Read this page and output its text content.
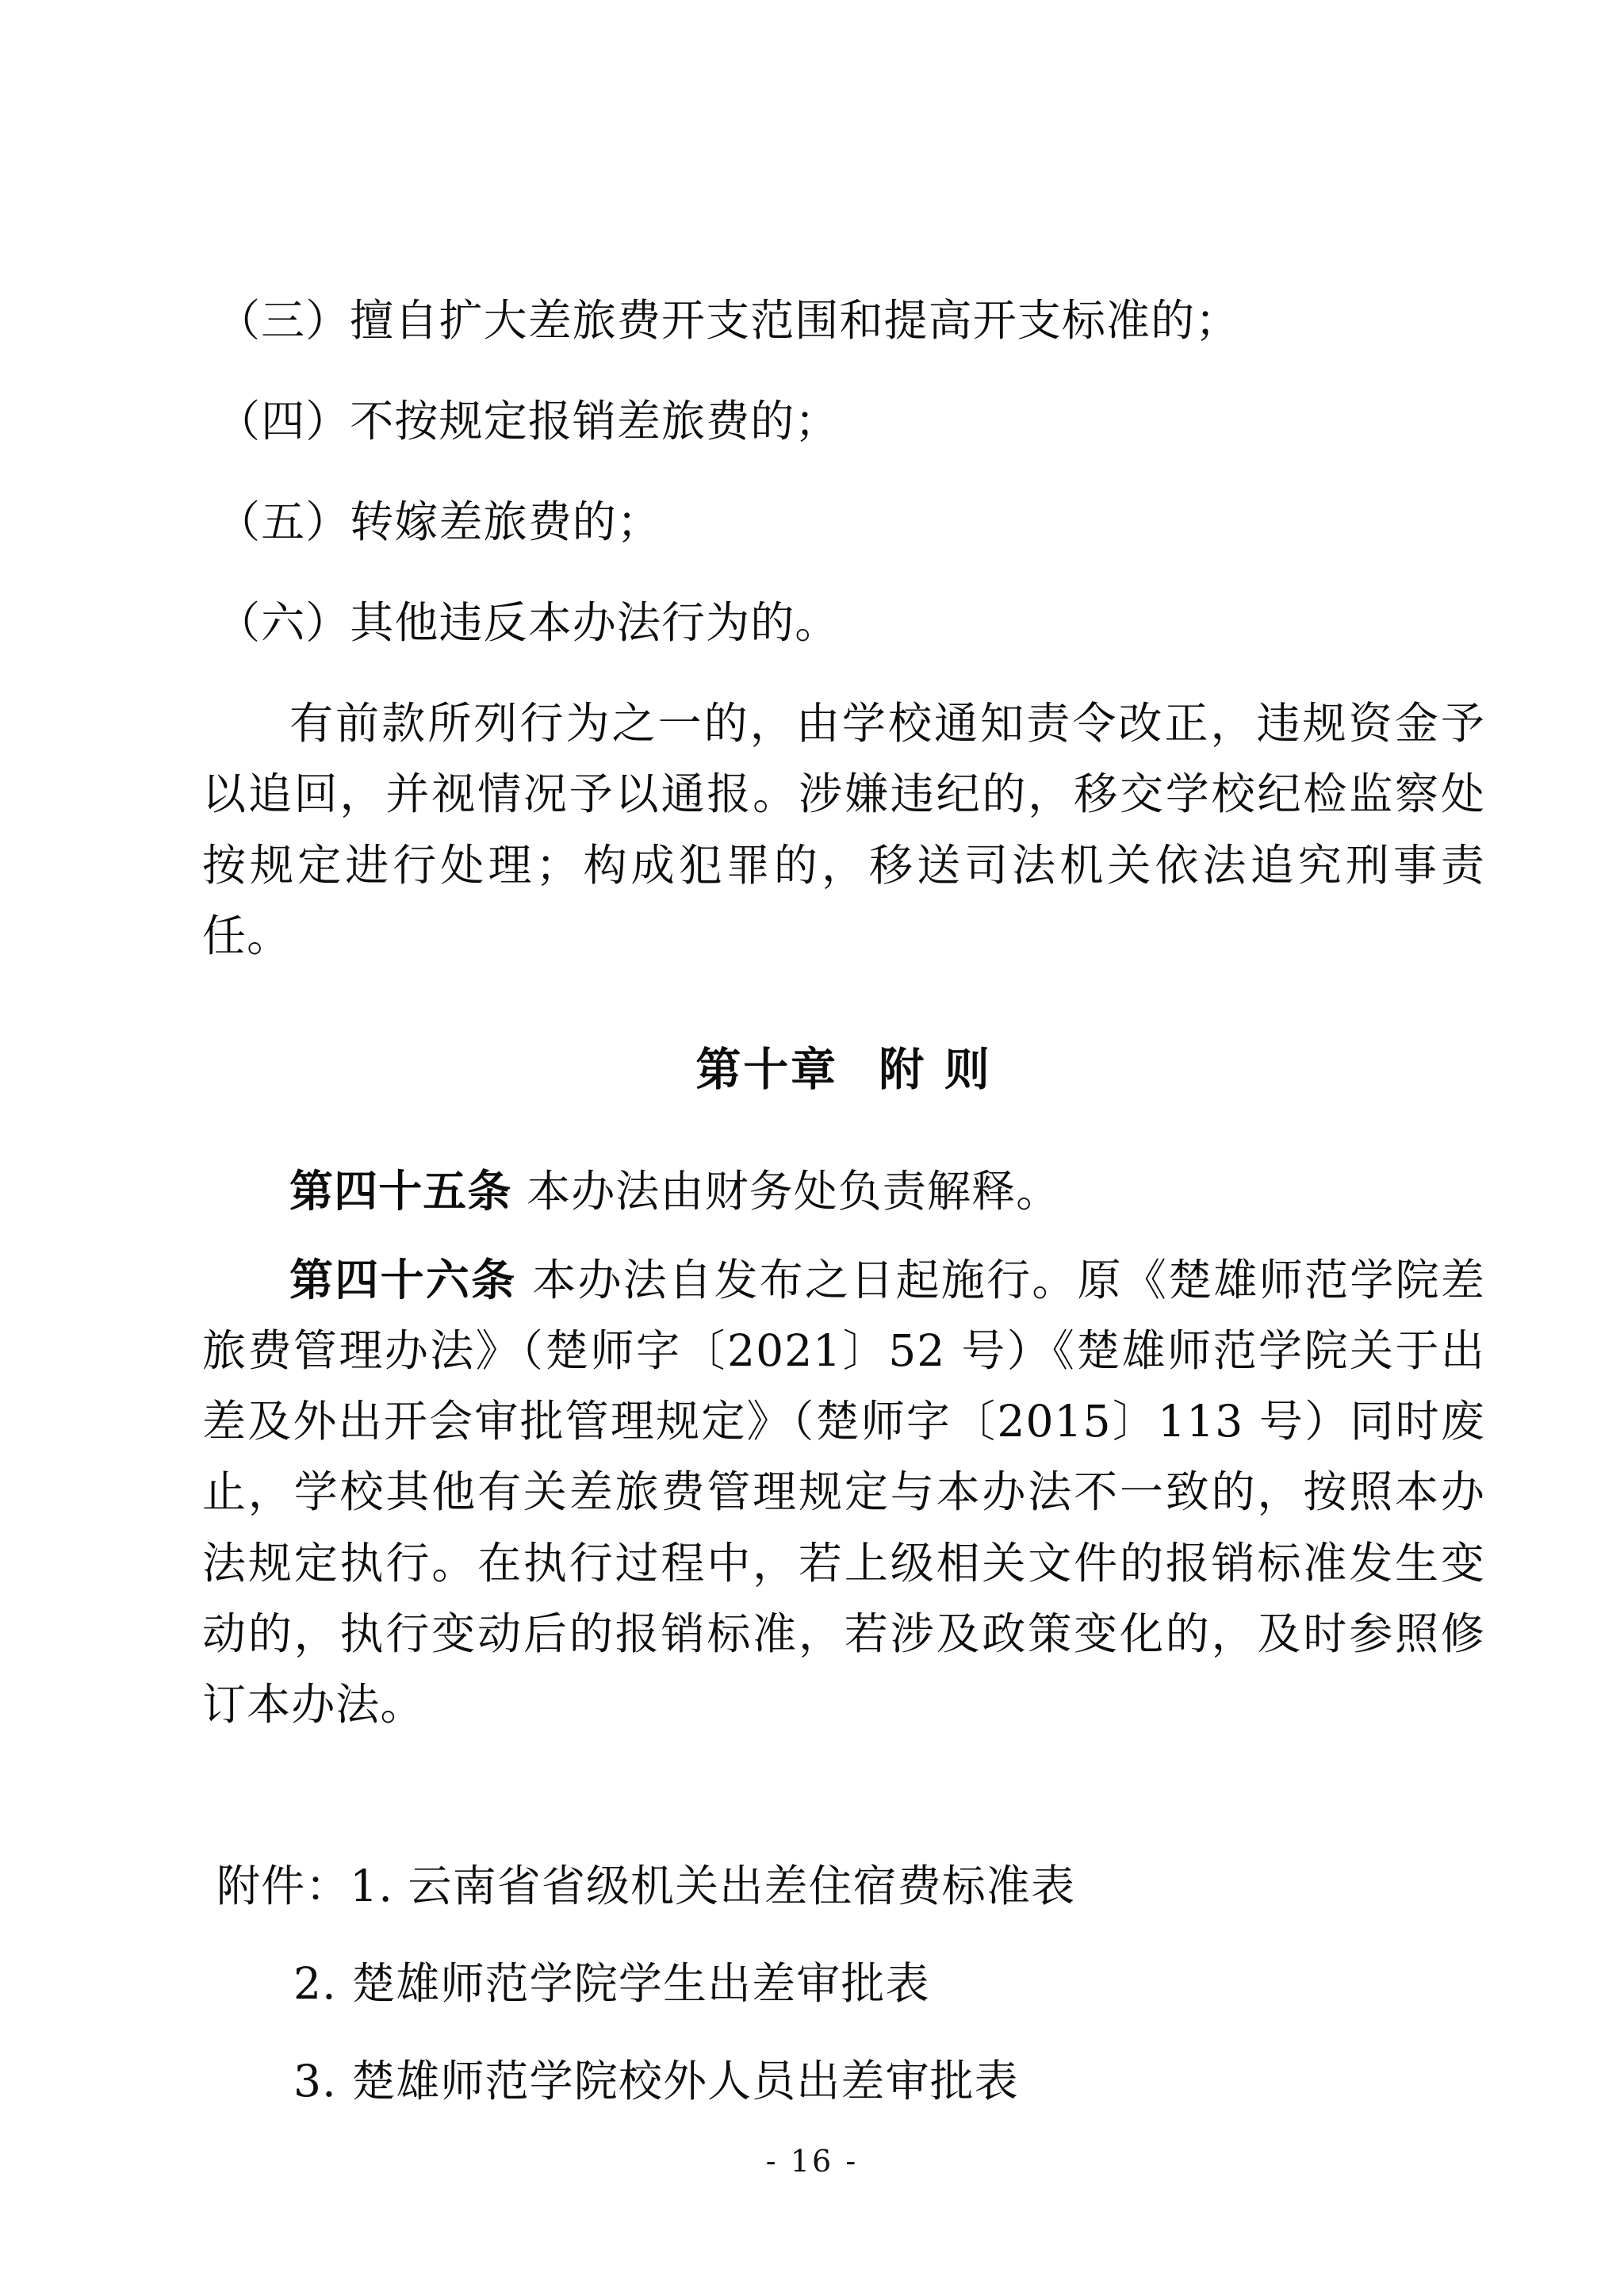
（三）擅自扩大差旅费开支范围和提高开支标准的；
（四）不按规定报销差旅费的；
（五）转嫁差旅费的；
（六）其他违反本办法行为的。

有前款所列行为之一的，由学校通知责令改正，违规资金予以追回，并视情况予以通报。涉嫌违纪的，移交学校纪检监察处按规定进行处理；构成犯罪的，移送司法机关依法追究刑事责任。

第十章 附 则

第四十五条 本办法由财务处负责解释。

第四十六条 本办法自发布之日起施行。原《楚雄师范学院差旅费管理办法》（楚师字〔2021〕52 号）《楚雄师范学院关于出差及外出开会审批管理规定》（楚师字〔2015〕113 号）同时废止，学校其他有关差旅费管理规定与本办法不一致的，按照本办法规定执行。在执行过程中，若上级相关文件的报销标准发生变动的，执行变动后的报销标准，若涉及政策变化的，及时参照修订本办法。

附件：1. 云南省省级机关出差住宿费标准表
2. 楚雄师范学院学生出差审批表
3. 楚雄师范学院校外人员出差审批表
- 16 -
